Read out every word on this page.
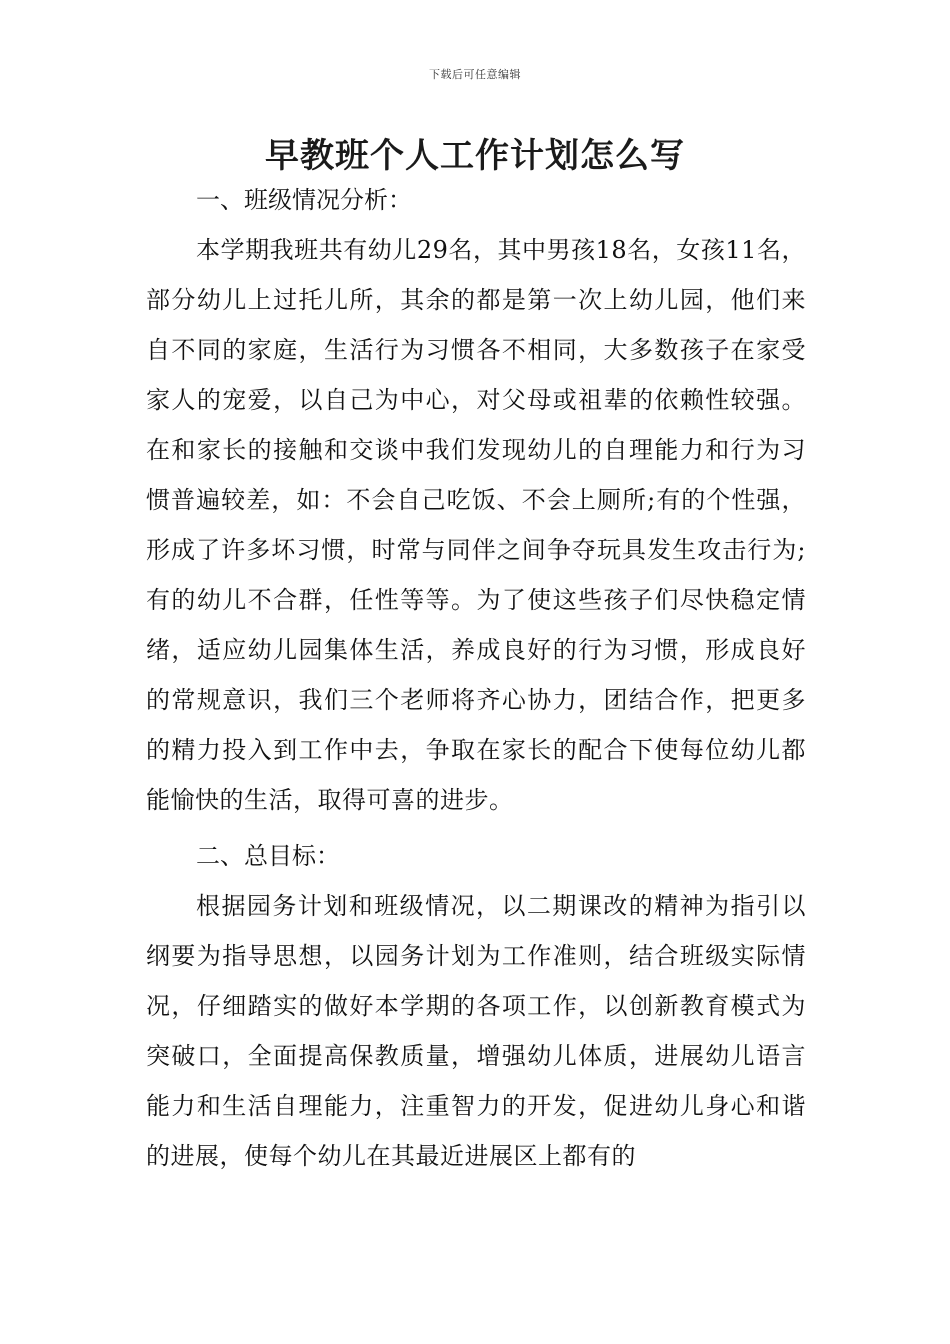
下载后可任意编辑
早教班个人工作计划怎么写

一、班级情况分析：

本学期我班共有幼儿29名，其中男孩18名，女孩11名，部分幼儿上过托儿所，其余的都是第一次上幼儿园，他们来自不同的家庭，生活行为习惯各不相同，大多数孩子在家受家人的宠爱，以自己为中心，对父母或祖辈的依赖性较强。在和家长的接触和交谈中我们发现幼儿的自理能力和行为习惯普遍较差，如：不会自己吃饭、不会上厕所;有的个性强，形成了许多坏习惯，时常与同伴之间争夺玩具发生攻击行为;有的幼儿不合群，任性等等。为了使这些孩子们尽快稳定情绪，适应幼儿园集体生活，养成良好的行为习惯，形成良好的常规意识，我们三个老师将齐心协力，团结合作，把更多的精力投入到工作中去，争取在家长的配合下使每位幼儿都能愉快的生活，取得可喜的进步。

二、总目标：

根据园务计划和班级情况，以二期课改的精神为指引以纲要为指导思想，以园务计划为工作准则，结合班级实际情况，仔细踏实的做好本学期的各项工作，以创新教育模式为突破口，全面提高保教质量，增强幼儿体质，进展幼儿语言能力和生活自理能力，注重智力的开发，促进幼儿身心和谐的进展，使每个幼儿在其最近进展区上都有的
